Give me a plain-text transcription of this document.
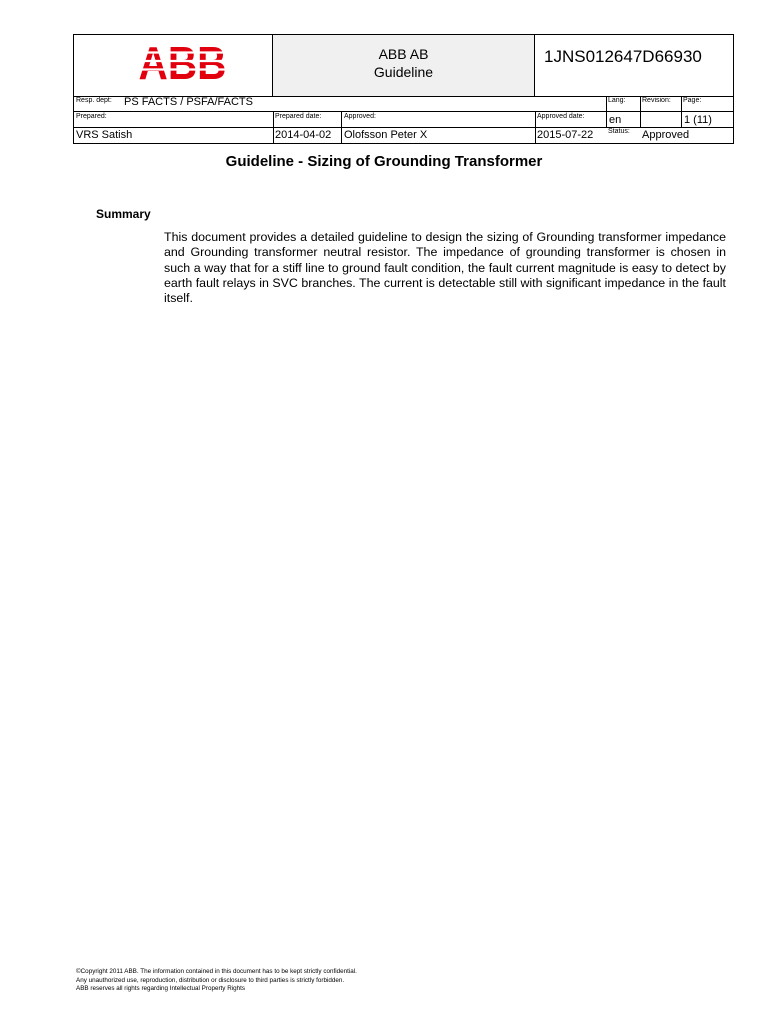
ABB	ABB AB
Guideline
1JNS012647D66930
Resp. dept: PS FACTS / PSFA/FACTS	Lang:
en
Revision: Page:
1 (11)
Prepared:
VRS Satish
Prepared date:
2014-04-02
Approved:
Olofsson Peter X
Approved date:
2015-07-22 Status: Approved
Guideline - Sizing of Grounding Transformer
Summary
This document provides a detailed guideline to design the sizing of Grounding transformer impedance and Grounding transformer neutral resistor. The impedance of grounding transformer is chosen in such a way that for a stiff line to ground fault condition, the fault current magnitude is easy to detect by earth fault relays in SVC branches. The current is detectable still with significant impedance in the fault itself.
©Copyright 2011 ABB. The information contained in this document has to be kept strictly confidential.
Any unauthorized use, reproduction, distribution or disclosure to third parties is strictly forbidden.
ABB reserves all rights regarding Intellectual Property Rights
